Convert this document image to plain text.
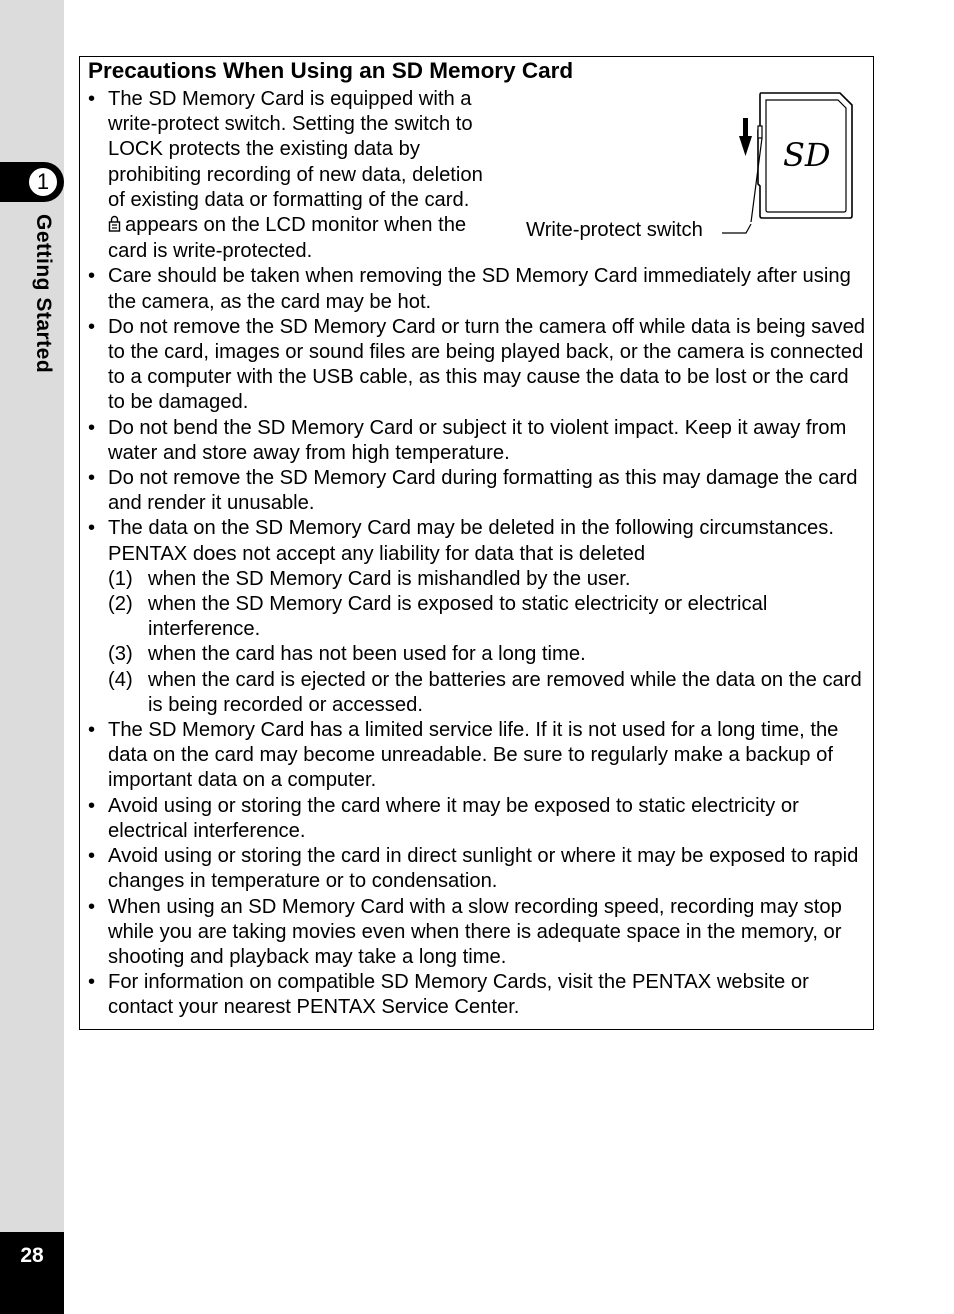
1
Getting Started
28
Precautions When Using an SD Memory Card
• The SD Memory Card is equipped with a write-protect switch. Setting the switch to LOCK protects the existing data by prohibiting recording of new data, deletion of existing data or formatting of the card.
appears on the LCD monitor when the card is write-protected.
• Care should be taken when removing the SD Memory Card immediately after using the camera, as the card may be hot.
• Do not remove the SD Memory Card or turn the camera off while data is being saved to the card, images or sound files are being played back, or the camera is connected to a computer with the USB cable, as this may cause the data to be lost or the card to be damaged.
• Do not bend the SD Memory Card or subject it to violent impact. Keep it away from water and store away from high temperature.
• Do not remove the SD Memory Card during formatting as this may damage the card and render it unusable.
• The data on the SD Memory Card may be deleted in the following circumstances. PENTAX does not accept any liability for data that is deleted
(1) when the SD Memory Card is mishandled by the user.
(2) when the SD Memory Card is exposed to static electricity or electrical interference.
(3) when the card has not been used for a long time.
(4) when the card is ejected or the batteries are removed while the data on the card is being recorded or accessed.
• The SD Memory Card has a limited service life. If it is not used for a long time, the data on the card may become unreadable. Be sure to regularly make a backup of important data on a computer.
• Avoid using or storing the card where it may be exposed to static electricity or electrical interference.
• Avoid using or storing the card in direct sunlight or where it may be exposed to rapid changes in temperature or to condensation.
• When using an SD Memory Card with a slow recording speed, recording may stop while you are taking movies even when there is adequate space in the memory, or shooting and playback may take a long time.
• For information on compatible SD Memory Cards, visit the PENTAX website or contact your nearest PENTAX Service Center.
SD
Write-protect switch
